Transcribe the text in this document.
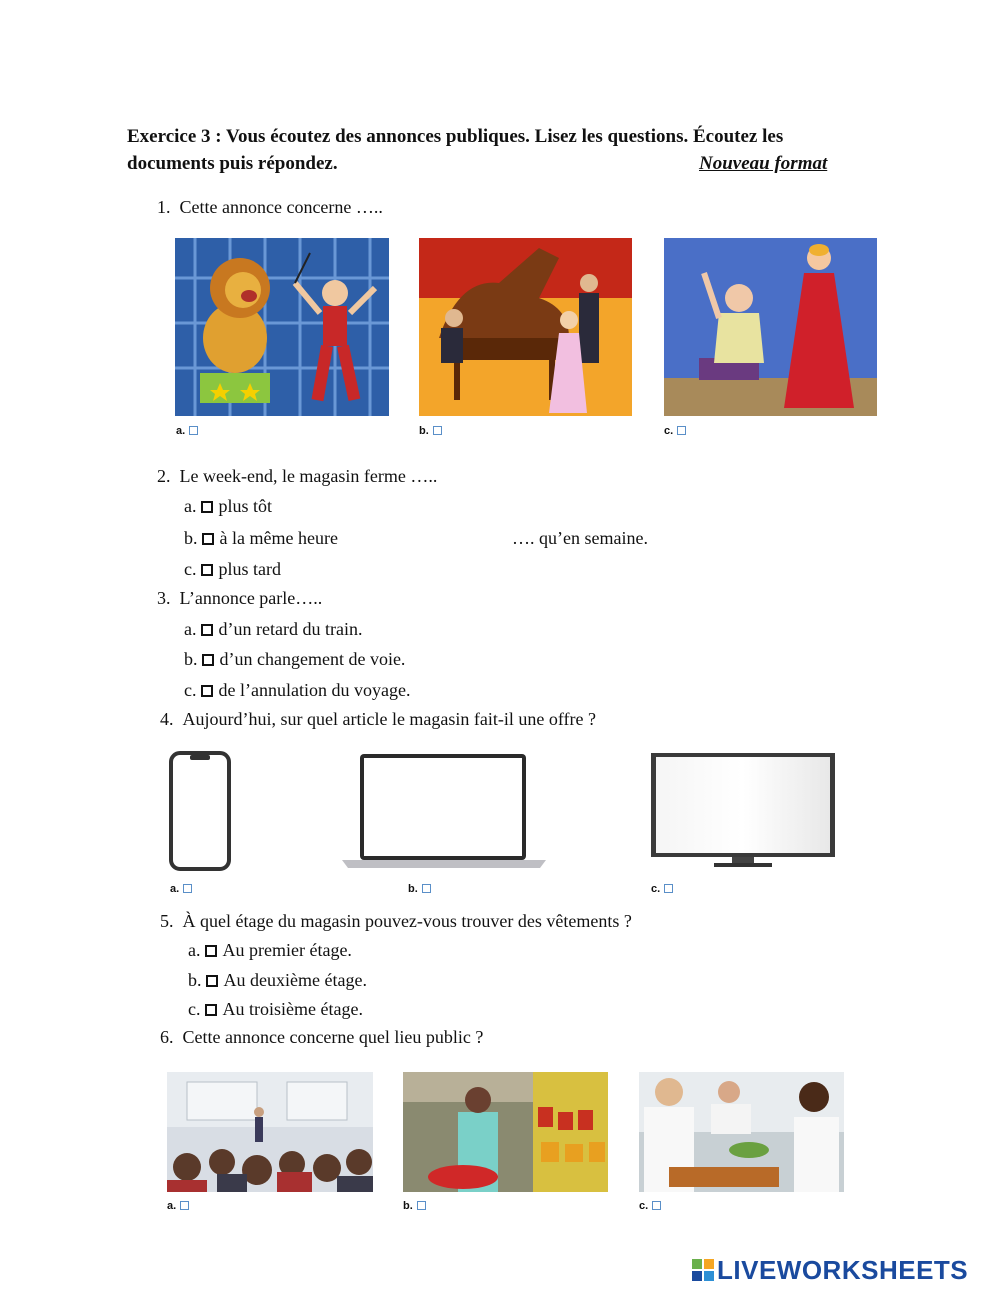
Exercice 3 : Vous écoutez des annonces publiques. Lisez les questions. Écoutez les
documents puis répondez.	Nouveau format
1. Cette annonce concerne …..
a.	b.	c.
2. Le week-end, le magasin ferme …..
a. plus tôt
b. à la même heure	…. qu’en semaine.
c. plus tard
3. L’annonce parle…..
a. d’un retard du train.
b. d’un changement de voie.
c. de l’annulation du voyage.
4. Aujourd’hui, sur quel article le magasin fait-il une offre ?
a.	b.	c.
5. À quel étage du magasin pouvez-vous trouver des vêtements ?
a. Au premier étage.
b. Au deuxième étage.
c. Au troisième étage.
6. Cette annonce concerne quel lieu public ?
a.	b.	c.
LIVEWORKSHEETS
